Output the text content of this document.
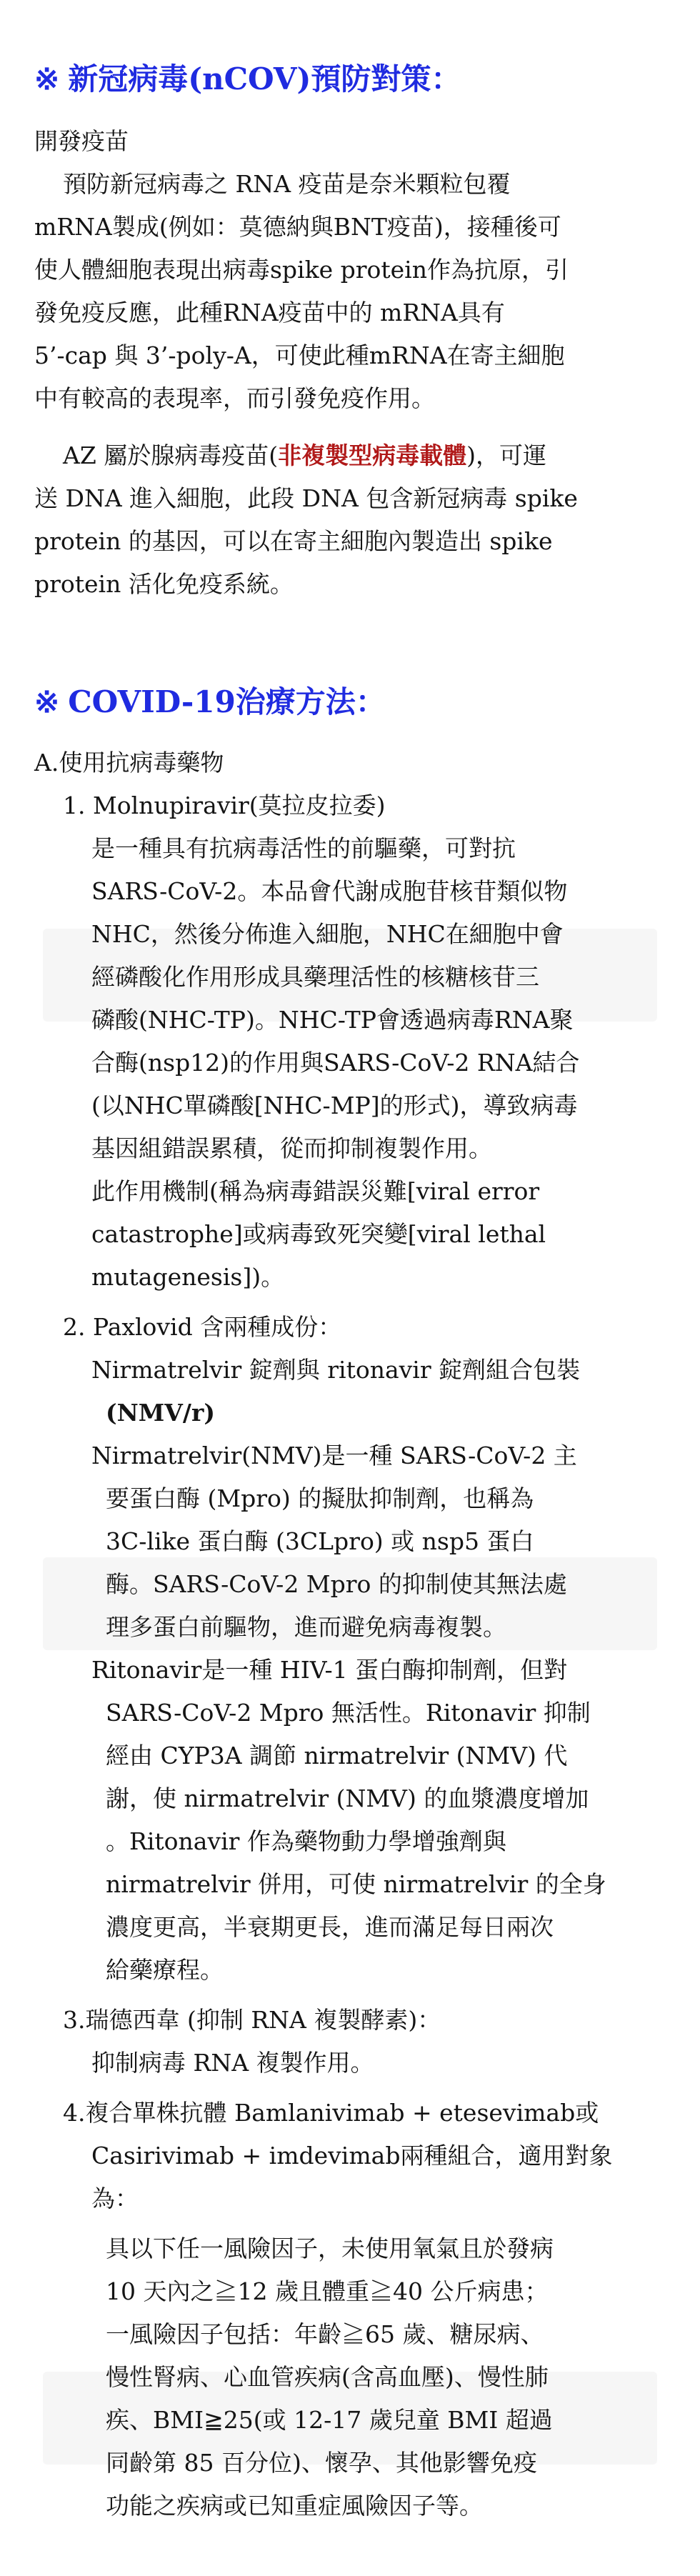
※ 新冠病毒(nCOV)預防對策：
開發疫苗
預防新冠病毒之 RNA 疫苗是奈米顆粒包覆
mRNA製成(例如：莫德納與BNT疫苗)，接種後可
使人體細胞表現出病毒spike protein作為抗原，引
發免疫反應，此種RNA疫苗中的 mRNA具有
5’-cap 與 3’-poly-A，可使此種mRNA在寄主細胞
中有較高的表現率，而引發免疫作用。
AZ 屬於腺病毒疫苗(非複製型病毒載體)，可運
送 DNA 進入細胞，此段 DNA 包含新冠病毒 spike
protein 的基因，可以在寄主細胞內製造出 spike
protein 活化免疫系統。
※ COVID-19治療方法：
A.使用抗病毒藥物
1. Molnupiravir(莫拉皮拉委)
是一種具有抗病毒活性的前驅藥，可對抗
SARS-CoV-2。本品會代謝成胞苷核苷類似物
NHC，然後分佈進入細胞，NHC在細胞中會
經磷酸化作用形成具藥理活性的核糖核苷三
磷酸(NHC-TP)。NHC-TP會透過病毒RNA聚
合酶(nsp12)的作用與SARS-CoV-2 RNA結合
(以NHC單磷酸[NHC-MP]的形式)，導致病毒
基因組錯誤累積，從而抑制複製作用。
此作用機制(稱為病毒錯誤災難[viral error
catastrophe]或病毒致死突變[viral lethal
mutagenesis])。
2. Paxlovid 含兩種成份：
Nirmatrelvir 錠劑與 ritonavir 錠劑組合包裝
(NMV/r)
Nirmatrelvir(NMV)是一種 SARS-CoV-2 主
要蛋白酶 (Mpro) 的擬肽抑制劑，也稱為
3C-like 蛋白酶 (3CLpro) 或 nsp5 蛋白
酶。SARS-CoV-2 Mpro 的抑制使其無法處
理多蛋白前驅物，進而避免病毒複製。
Ritonavir是一種 HIV-1 蛋白酶抑制劑，但對
SARS-CoV-2 Mpro 無活性。Ritonavir 抑制
經由 CYP3A 調節 nirmatrelvir (NMV) 代
謝，使 nirmatrelvir (NMV) 的血漿濃度增加
。Ritonavir 作為藥物動力學增強劑與
nirmatrelvir 併用，可使 nirmatrelvir 的全身
濃度更高，半衰期更長，進而滿足每日兩次
給藥療程。
3.瑞德西韋 (抑制 RNA 複製酵素)：
抑制病毒 RNA 複製作用。
4.複合單株抗體 Bamlanivimab + etesevimab或
Casirivimab + imdevimab兩種組合，適用對象
為：
具以下任一風險因子，未使用氧氣且於發病
10 天內之≧12 歲且體重≧40 公斤病患；
一風險因子包括：年齡≧65 歲、糖尿病、
慢性腎病、心血管疾病(含高血壓)、慢性肺
疾、BMI≧25(或 12-17 歲兒童 BMI 超過
同齡第 85 百分位)、懷孕、其他影響免疫
功能之疾病或已知重症風險因子等。
